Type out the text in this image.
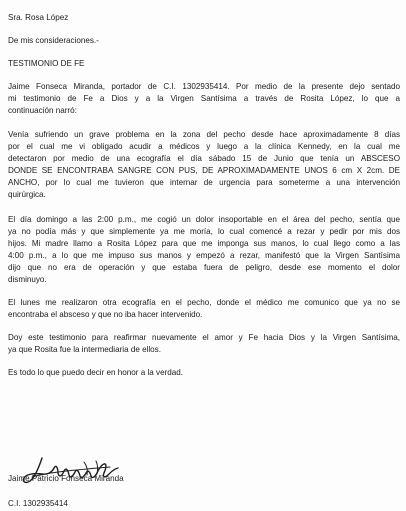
Sra. Rosa López
De mis consideraciones.-
TESTIMONIO DE FE
Jaime Fonseca Miranda, portador de C.I. 1302935414. Por medio de la presente dejo sentado
mi testimonio de Fe a Dios y a la Virgen Santísima a través de Rosita López, lo que a
continuación narró:
Venía sufriendo un grave problema en la zona del pecho desde hace aproximadamente 8 días
por el cual me vi obligado acudir a médicos y luego a la clínica Kennedy, en la cual me
detectaron por medio de una ecografía el día sábado 15 de Junio que tenía un ABSCESO
DONDE SE ENCONTRABA SANGRE CON PUS, DE APROXIMADAMENTE UNOS 6 cm X 2cm. DE
ANCHO, por lo cual me tuvieron que internar de urgencia para someterme a una intervención
quirúrgica.
El día domingo a las 2:00 p.m., me cogió un dolor insoportable en el área del pecho, sentía que
ya no podía más y que simplemente ya me moría, lo cual comencé a rezar y pedir por mis dos
hijos. Mi madre llamo a Rosita López para que me imponga sus manos, lo cual llego como a las
4:00 p.m., a lo que me impuso sus manos y empezó a rezar, manifestó que la Virgen Santísima
dijo que no era de operación y que estaba fuera de peligro, desde ese momento el dolor
disminuyo.
El lunes me realizaron otra ecografía en el pecho, donde el médico me comunico que ya no se
encontraba el absceso y que no iba hacer intervenido.
Doy este testimonio para reafirmar nuevamente el amor y Fe hacia Dios y la Virgen Santísima,
ya que Rosita fue la intermediaria de ellos.
Es todo lo que puedo decir en honor a la verdad.
Jaime Patricio Fonseca Miranda
C.I. 1302935414
